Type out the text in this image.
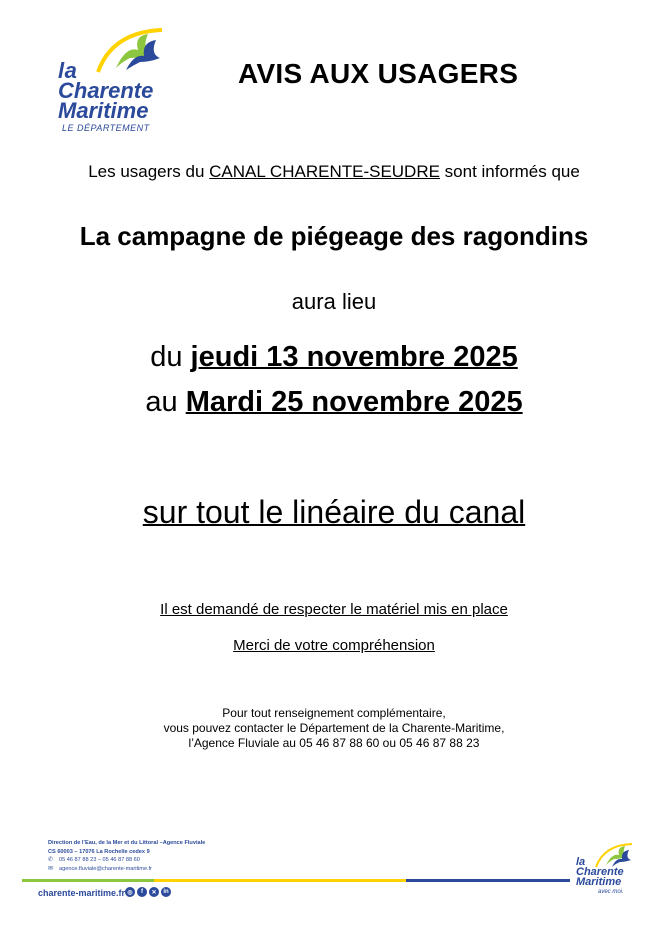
la
Charente
Maritime
LE DÉPARTEMENT
AVIS AUX USAGERS
Les usagers du CANAL CHARENTE-SEUDRE sont informés que
La campagne de piégeage des ragondins
aura lieu
du jeudi 13 novembre 2025
au Mardi 25 novembre 2025
sur tout le linéaire du canal
Il est demandé de respecter le matériel mis en place
Merci de votre compréhension
Pour tout renseignement complémentaire,
vous pouvez contacter le Département de la Charente-Maritime,
l’Agence Fluviale au 05 46 87 88 60 ou 05 46 87 88 23
Direction de l’Eau, de la Mer et du Littoral –Agence Fluviale
CS 60003 – 17076 La Rochelle cedex 9
✆	05 46 87 88 23 – 05 46 87 88 60
✉	agence.fluviale@charente-maritime.fr
charente-maritime.fr ◎	f	✕	in
la
Charente
Maritime
avec moi.
